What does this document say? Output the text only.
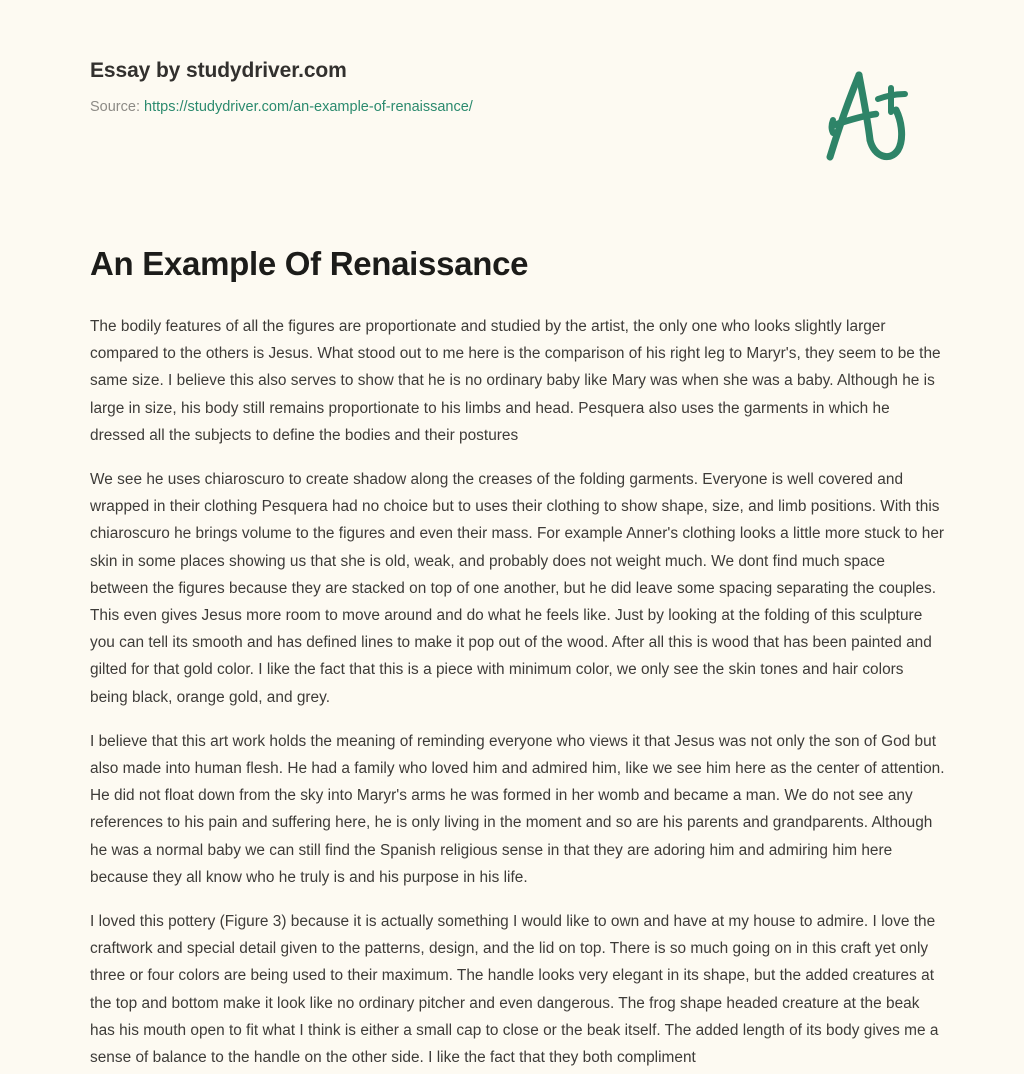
Essay by studydriver.com
Source: https://studydriver.com/an-example-of-renaissance/
An Example Of Renaissance

The bodily features of all the figures are proportionate and studied by the artist, the only one who looks slightly larger compared to the others is Jesus. What stood out to me here is the comparison of his right leg to Maryr's, they seem to be the same size. I believe this also serves to show that he is no ordinary baby like Mary was when she was a baby. Although he is large in size, his body still remains proportionate to his limbs and head. Pesquera also uses the garments in which he dressed all the subjects to define the bodies and their postures

We see he uses chiaroscuro to create shadow along the creases of the folding garments. Everyone is well covered and wrapped in their clothing Pesquera had no choice but to uses their clothing to show shape, size, and limb positions. With this chiaroscuro he brings volume to the figures and even their mass. For example Anner's clothing looks a little more stuck to her skin in some places showing us that she is old, weak, and probably does not weight much. We dont find much space between the figures because they are stacked on top of one another, but he did leave some spacing separating the couples. This even gives Jesus more room to move around and do what he feels like. Just by looking at the folding of this sculpture you can tell its smooth and has defined lines to make it pop out of the wood. After all this is wood that has been painted and gilted for that gold color. I like the fact that this is a piece with minimum color, we only see the skin tones and hair colors being black, orange gold, and grey.

I believe that this art work holds the meaning of reminding everyone who views it that Jesus was not only the son of God but also made into human flesh. He had a family who loved him and admired him, like we see him here as the center of attention. He did not float down from the sky into Maryr's arms he was formed in her womb and became a man. We do not see any references to his pain and suffering here, he is only living in the moment and so are his parents and grandparents. Although he was a normal baby we can still find the Spanish religious sense in that they are adoring him and admiring him here because they all know who he truly is and his purpose in his life.

I loved this pottery (Figure 3) because it is actually something I would like to own and have at my house to admire. I love the craftwork and special detail given to the patterns, design, and the lid on top. There is so much going on in this craft yet only three or four colors are being used to their maximum. The handle looks very elegant in its shape, but the added creatures at the top and bottom make it look like no ordinary pitcher and even dangerous. The frog shape headed creature at the beak has his mouth open to fit what I think is either a small cap to close or the beak itself. The added length of its body gives me a sense of balance to the handle on the other side. I like the fact that they both compliment
